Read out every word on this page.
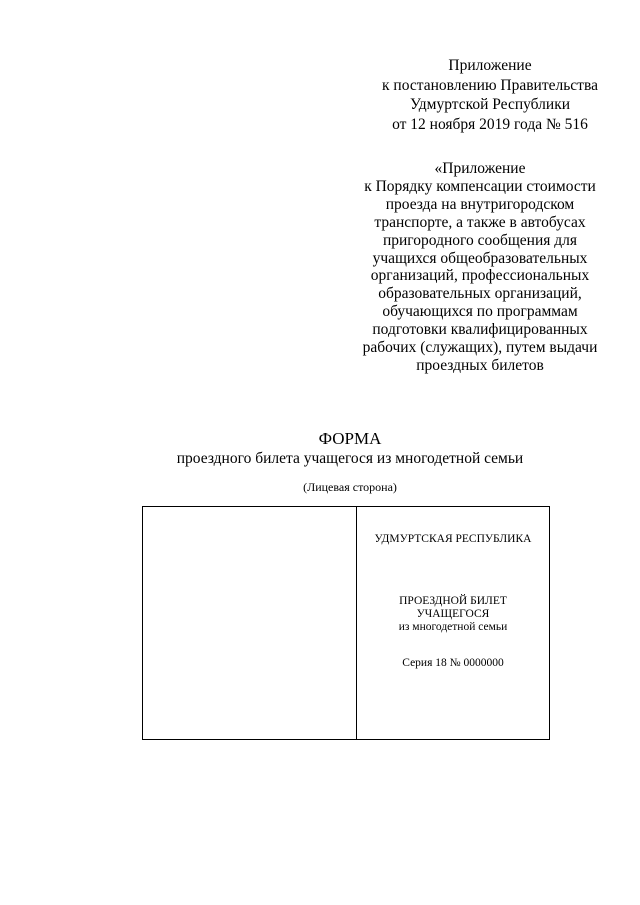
Приложение
к постановлению Правительства
Удмуртской Республики
от 12 ноября 2019 года № 516
«Приложение
к Порядку компенсации стоимости
проезда на внутригородском
транспорте, а также в автобусах
пригородного сообщения для
учащихся общеобразовательных
организаций, профессиональных
образовательных организаций,
обучающихся по программам
подготовки квалифицированных
рабочих (служащих), путем выдачи
проездных билетов
ФОРМА
проездного билета учащегося из многодетной семьи
(Лицевая сторона)
УДМУРТСКАЯ РЕСПУБЛИКА
ПРОЕЗДНОЙ БИЛЕТ
УЧАЩЕГОСЯ
из многодетной семьи
Серия 18 № 0000000
